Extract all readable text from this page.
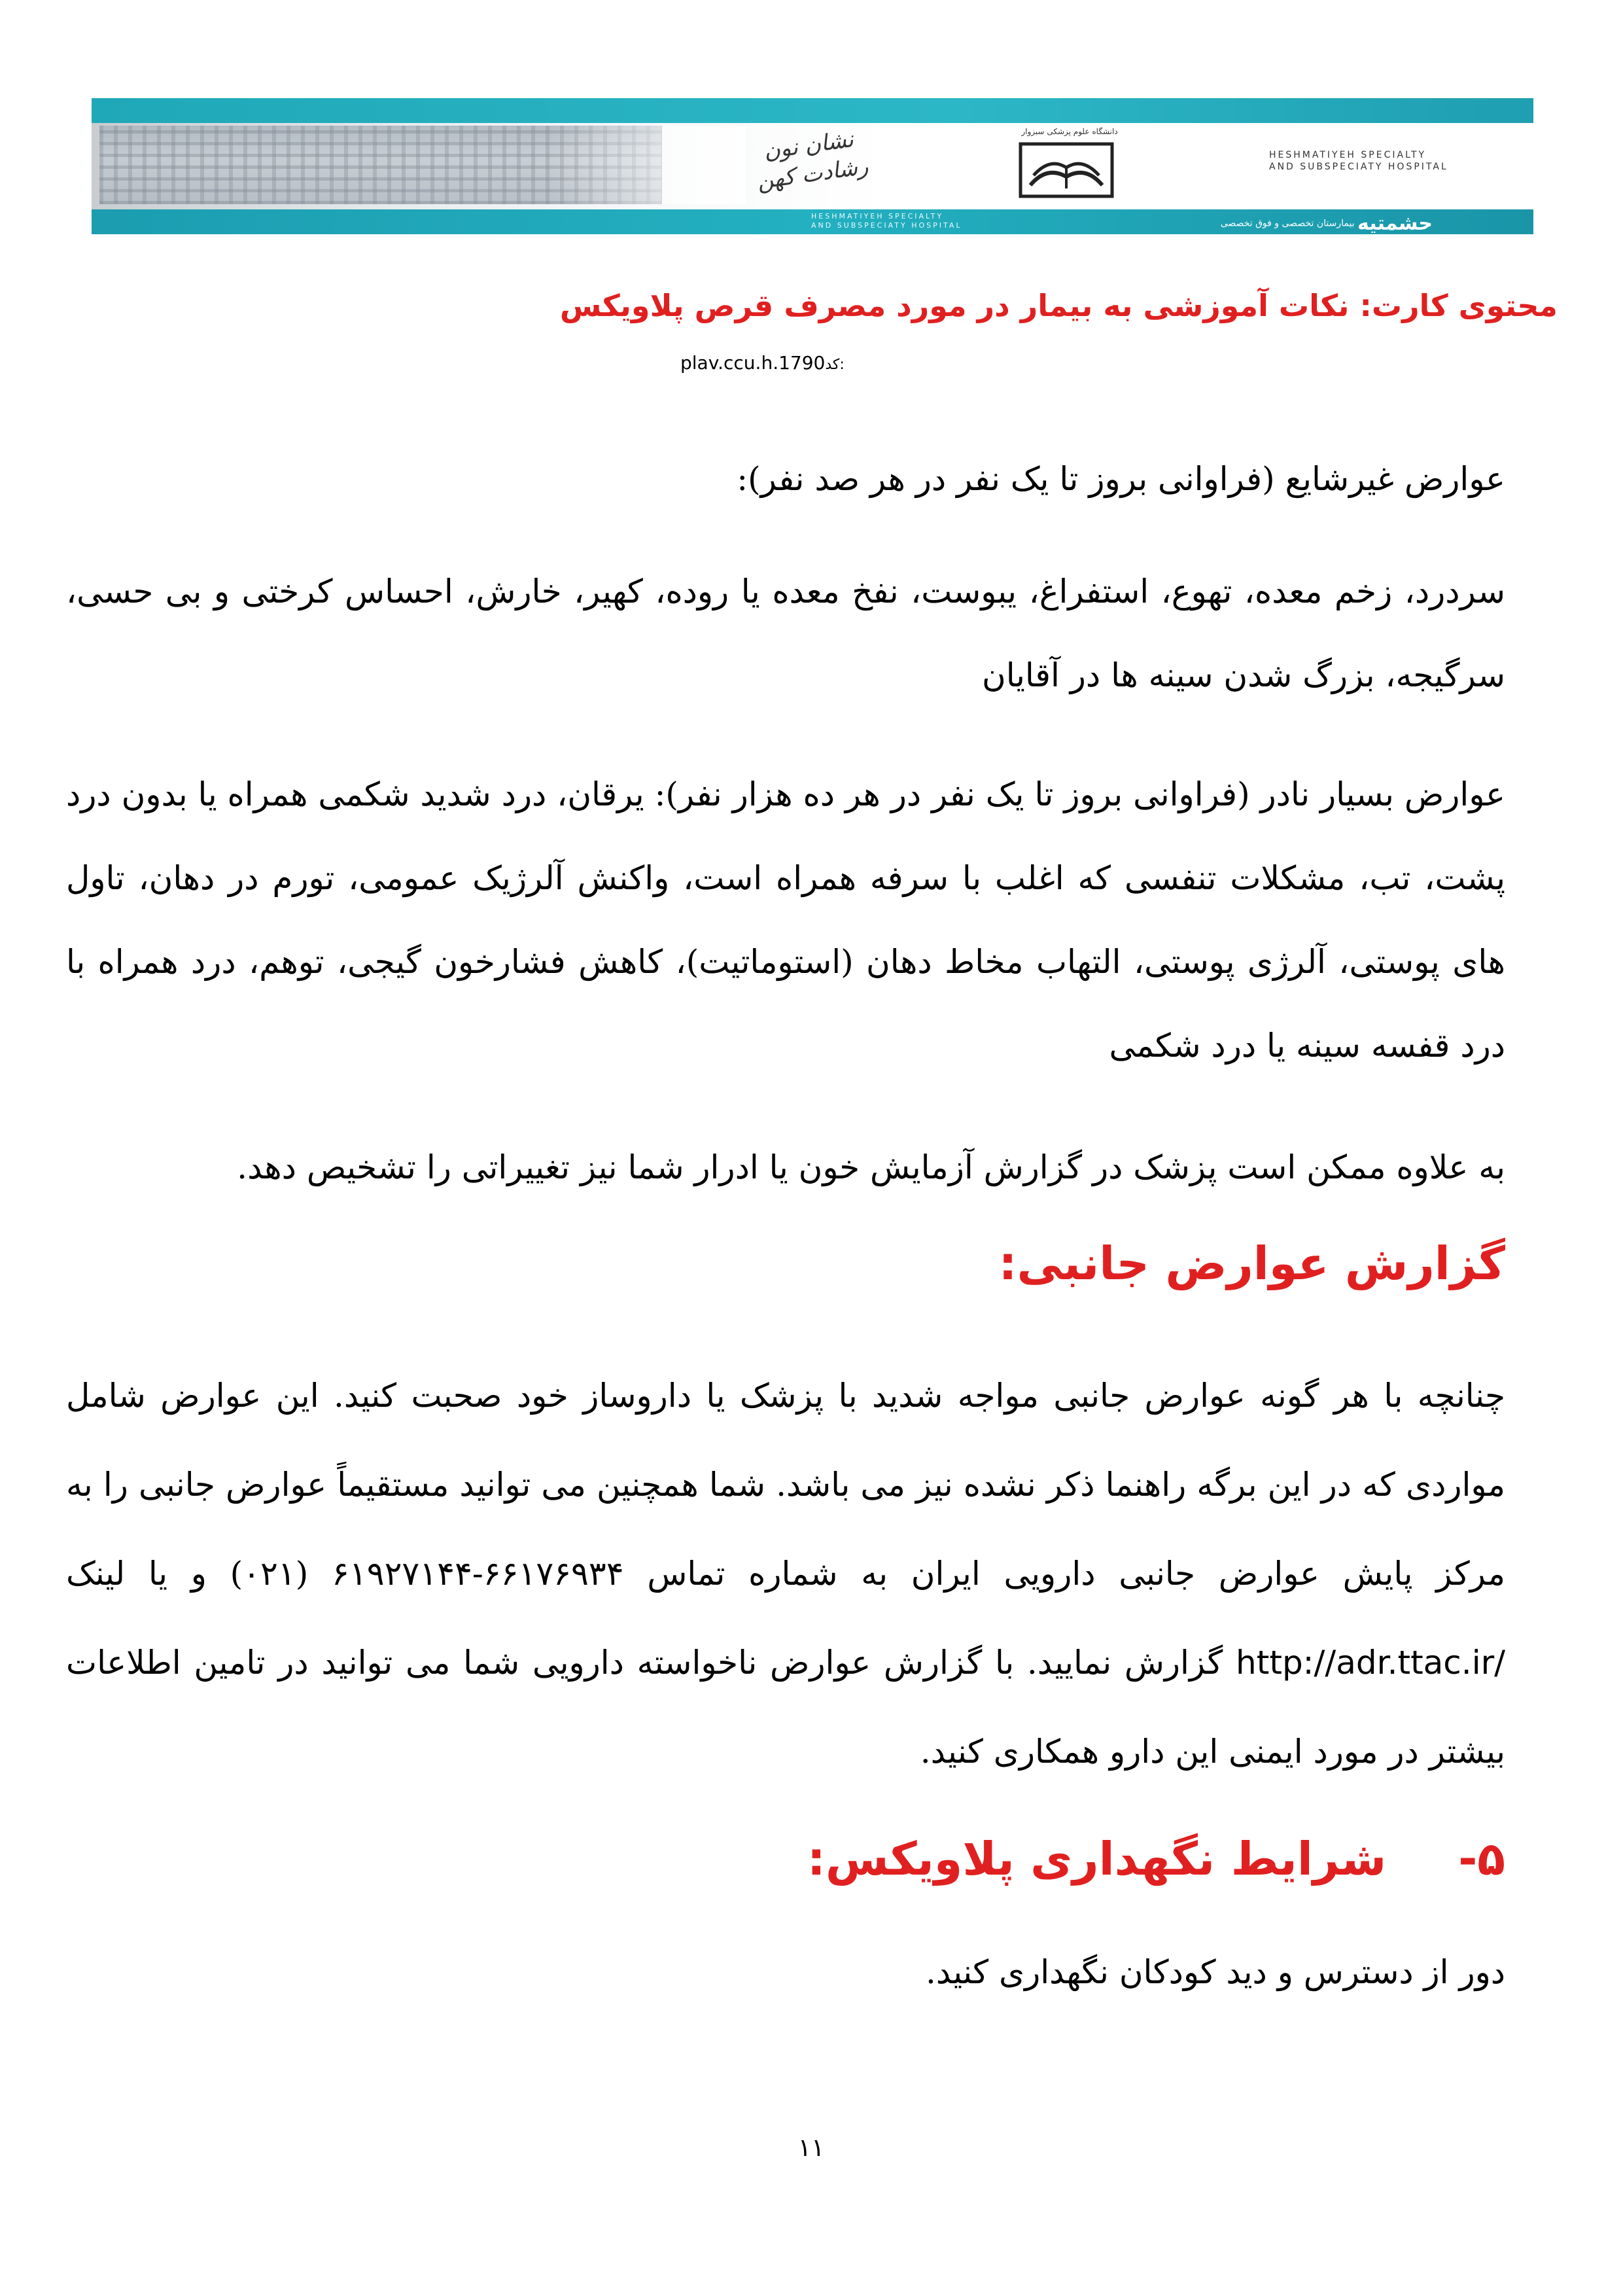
نشان نون
رشادت کهن
دانشگاه علوم پزشکی سبزوار
HESHMATIYEH SPECIALTY
AND SUBSPECIATY HOSPITAL
HESHMATIYEH SPECIALTY
AND SUBSPECIATY HOSPITAL	حشمتیه بیمارستان تخصصی و فوق تخصصی
محتوی کارت: نکات آموزشی به بیمار در مورد مصرف قرص پلاویکس
plav.ccu.h.1790کد:

عوارض غیرشایع (فراوانی بروز تا یک نفر در هر صد نفر):

سردرد، زخم معده، تهوع، استفراغ، یبوست، نفخ معده یا روده، کهیر، خارش، احساس کرختی و بی حسی، سرگیجه، بزرگ شدن سینه ها در آقایان

عوارض بسیار نادر (فراوانی بروز تا یک نفر در هر ده هزار نفر): یرقان، درد شدید شکمی همراه یا بدون درد پشت، تب، مشکلات تنفسی که اغلب با سرفه همراه است، واکنش آلرژیک عمومی، تورم در دهان، تاول های پوستی، آلرژی پوستی، التهاب مخاط دهان (استوماتیت)، کاهش فشارخون گیجی، توهم، درد همراه با درد قفسه سینه یا درد شکمی

به علاوه ممکن است پزشک در گزارش آزمایش خون یا ادرار شما نیز تغییراتی را تشخیص دهد.

گزارش عوارض جانبی:

چنانچه با هر گونه عوارض جانبی مواجه شدید با پزشک یا داروساز خود صحبت کنید. این عوارض شامل مواردی که در این برگه راهنما ذکر نشده نیز می باشد. شما همچنین می توانید مستقیماً عوارض جانبی را به مرکز پایش عوارض جانبی دارویی ایران به شماره تماس ۶۶۱۷۶۹۳۴-۶۱۹۲۷۱۴۴ (۰۲۱) و یا لینک http://adr.ttac.ir/ گزارش نمایید. با گزارش عوارض ناخواسته دارویی شما می توانید در تامین اطلاعات بیشتر در مورد ایمنی این دارو همکاری کنید.

۵-شرایط نگهداری پلاویکس:

دور از دسترس و دید کودکان نگهداری کنید.

۱۱
